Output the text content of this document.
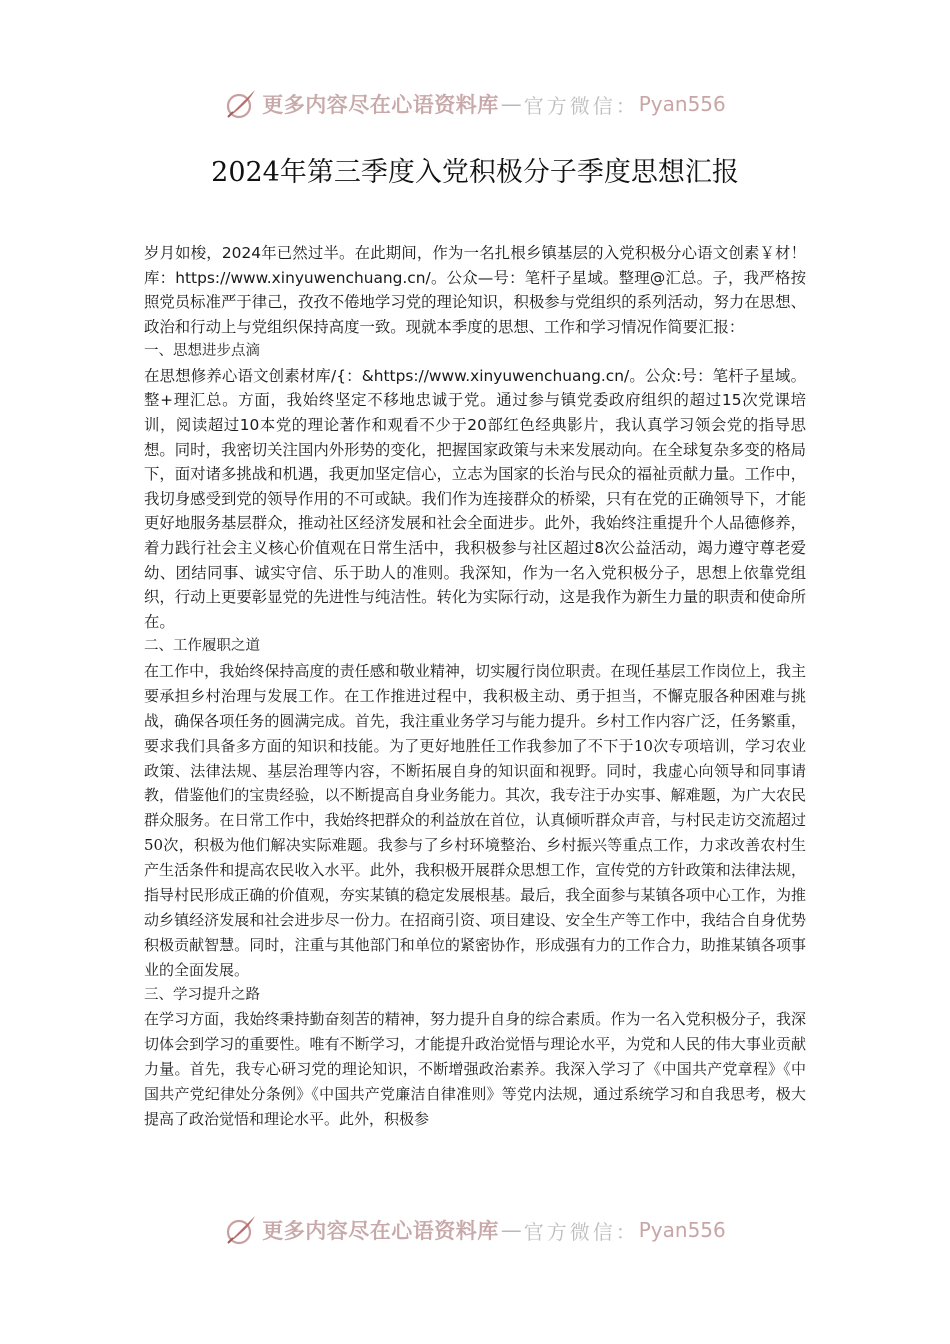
更多内容尽在心语资料库 — 官方微信： Pyan556
2024年第三季度入党积极分子季度思想汇报

岁月如梭，2024年已然过半。在此期间，作为一名扎根乡镇基层的入党积极分心语文创素￥材！库：https://www.xinyuwenchuang.cn/。公众—号：笔杆子星域。整理@汇总。子，我严格按照党员标准严于律己，孜孜不倦地学习党的理论知识，积极参与党组织的系列活动，努力在思想、政治和行动上与党组织保持高度一致。现就本季度的思想、工作和学习情况作简要汇报：

一、思想进步点滴

在思想修养心语文创素材库/{：&https://www.xinyuwenchuang.cn/。公众:号：笔杆子星域。整+理汇总。方面，我始终坚定不移地忠诚于党。通过参与镇党委政府组织的超过15次党课培训，阅读超过10本党的理论著作和观看不少于20部红色经典影片，我认真学习领会党的指导思想。同时，我密切关注国内外形势的变化，把握国家政策与未来发展动向。在全球复杂多变的格局下，面对诸多挑战和机遇，我更加坚定信心，立志为国家的长治与民众的福祉贡献力量。工作中，我切身感受到党的领导作用的不可或缺。我们作为连接群众的桥梁，只有在党的正确领导下，才能更好地服务基层群众，推动社区经济发展和社会全面进步。此外，我始终注重提升个人品德修养，着力践行社会主义核心价值观在日常生活中，我积极参与社区超过8次公益活动，竭力遵守尊老爱幼、团结同事、诚实守信、乐于助人的准则。我深知，作为一名入党积极分子，思想上依靠党组织，行动上更要彰显党的先进性与纯洁性。转化为实际行动，这是我作为新生力量的职责和使命所在。

二、工作履职之道

在工作中，我始终保持高度的责任感和敬业精神，切实履行岗位职责。在现任基层工作岗位上，我主要承担乡村治理与发展工作。在工作推进过程中，我积极主动、勇于担当，不懈克服各种困难与挑战，确保各项任务的圆满完成。首先，我注重业务学习与能力提升。乡村工作内容广泛，任务繁重，要求我们具备多方面的知识和技能。为了更好地胜任工作我参加了不下于10次专项培训，学习农业政策、法律法规、基层治理等内容，不断拓展自身的知识面和视野。同时，我虚心向领导和同事请教，借鉴他们的宝贵经验，以不断提高自身业务能力。其次，我专注于办实事、解难题，为广大农民群众服务。在日常工作中，我始终把群众的利益放在首位，认真倾听群众声音，与村民走访交流超过50次，积极为他们解决实际难题。我参与了乡村环境整治、乡村振兴等重点工作，力求改善农村生产生活条件和提高农民收入水平。此外，我积极开展群众思想工作，宣传党的方针政策和法律法规，指导村民形成正确的价值观，夯实某镇的稳定发展根基。最后，我全面参与某镇各项中心工作，为推动乡镇经济发展和社会进步尽一份力。在招商引资、项目建设、安全生产等工作中，我结合自身优势积极贡献智慧。同时，注重与其他部门和单位的紧密协作，形成强有力的工作合力，助推某镇各项事业的全面发展。

三、学习提升之路

在学习方面，我始终秉持勤奋刻苦的精神，努力提升自身的综合素质。作为一名入党积极分子，我深切体会到学习的重要性。唯有不断学习，才能提升政治觉悟与理论水平，为党和人民的伟大事业贡献力量。首先，我专心研习党的理论知识，不断增强政治素养。我深入学习了《中国共产党章程》《中国共产党纪律处分条例》《中国共产党廉洁自律准则》等党内法规，通过系统学习和自我思考，极大提高了政治觉悟和理论水平。此外，积极参

更多内容尽在心语资料库 — 官方微信： Pyan556
